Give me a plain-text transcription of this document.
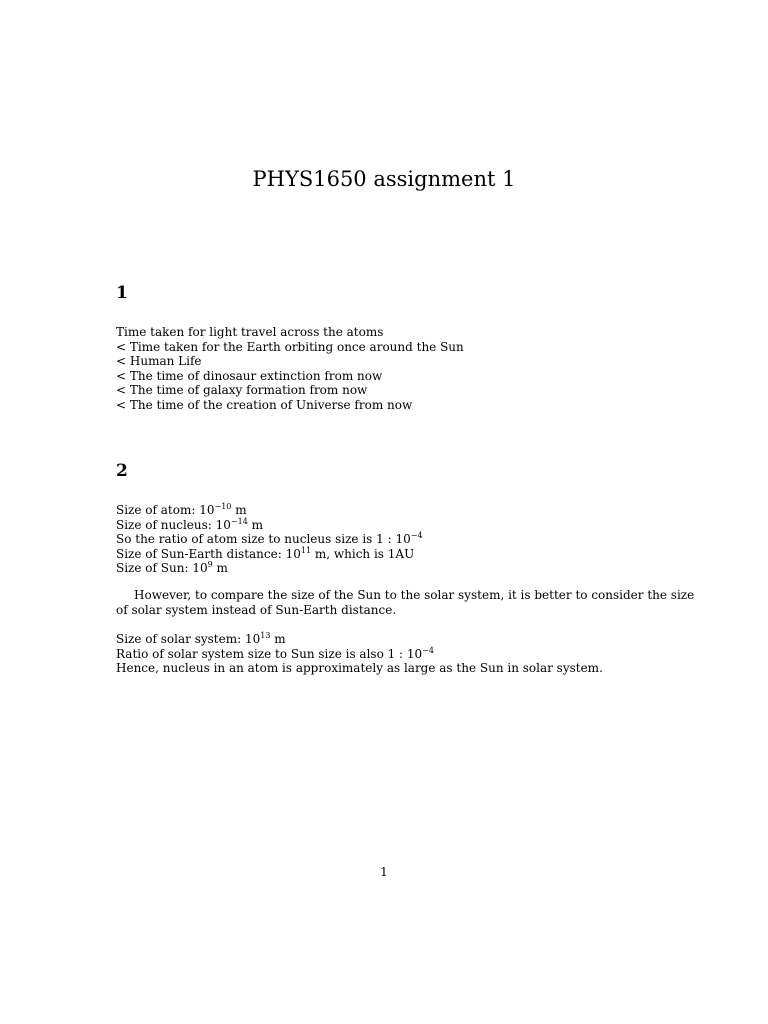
PHYS1650 assignment 1
1
Time taken for light travel across the atoms
< Time taken for the Earth orbiting once around the Sun
< Human Life
< The time of dinosaur extinction from now
< The time of galaxy formation from now
< The time of the creation of Universe from now
2
Size of atom: $10^{-10}$ m
Size of nucleus: $10^{-14}$ m
So the ratio of atom size to nucleus size is 1 : $10^{-4}$
Size of Sun-Earth distance: $10^{11}$ m, which is 1AU
Size of Sun: $10^9$ m
However, to compare the size of the Sun to the solar system, it is better to consider the size
of solar system instead of Sun-Earth distance.
Size of solar system: $10^{13}$ m
Ratio of solar system size to Sun size is also 1 : $10^{-4}$
Hence, nucleus in an atom is approximately as large as the Sun in solar system.
1
